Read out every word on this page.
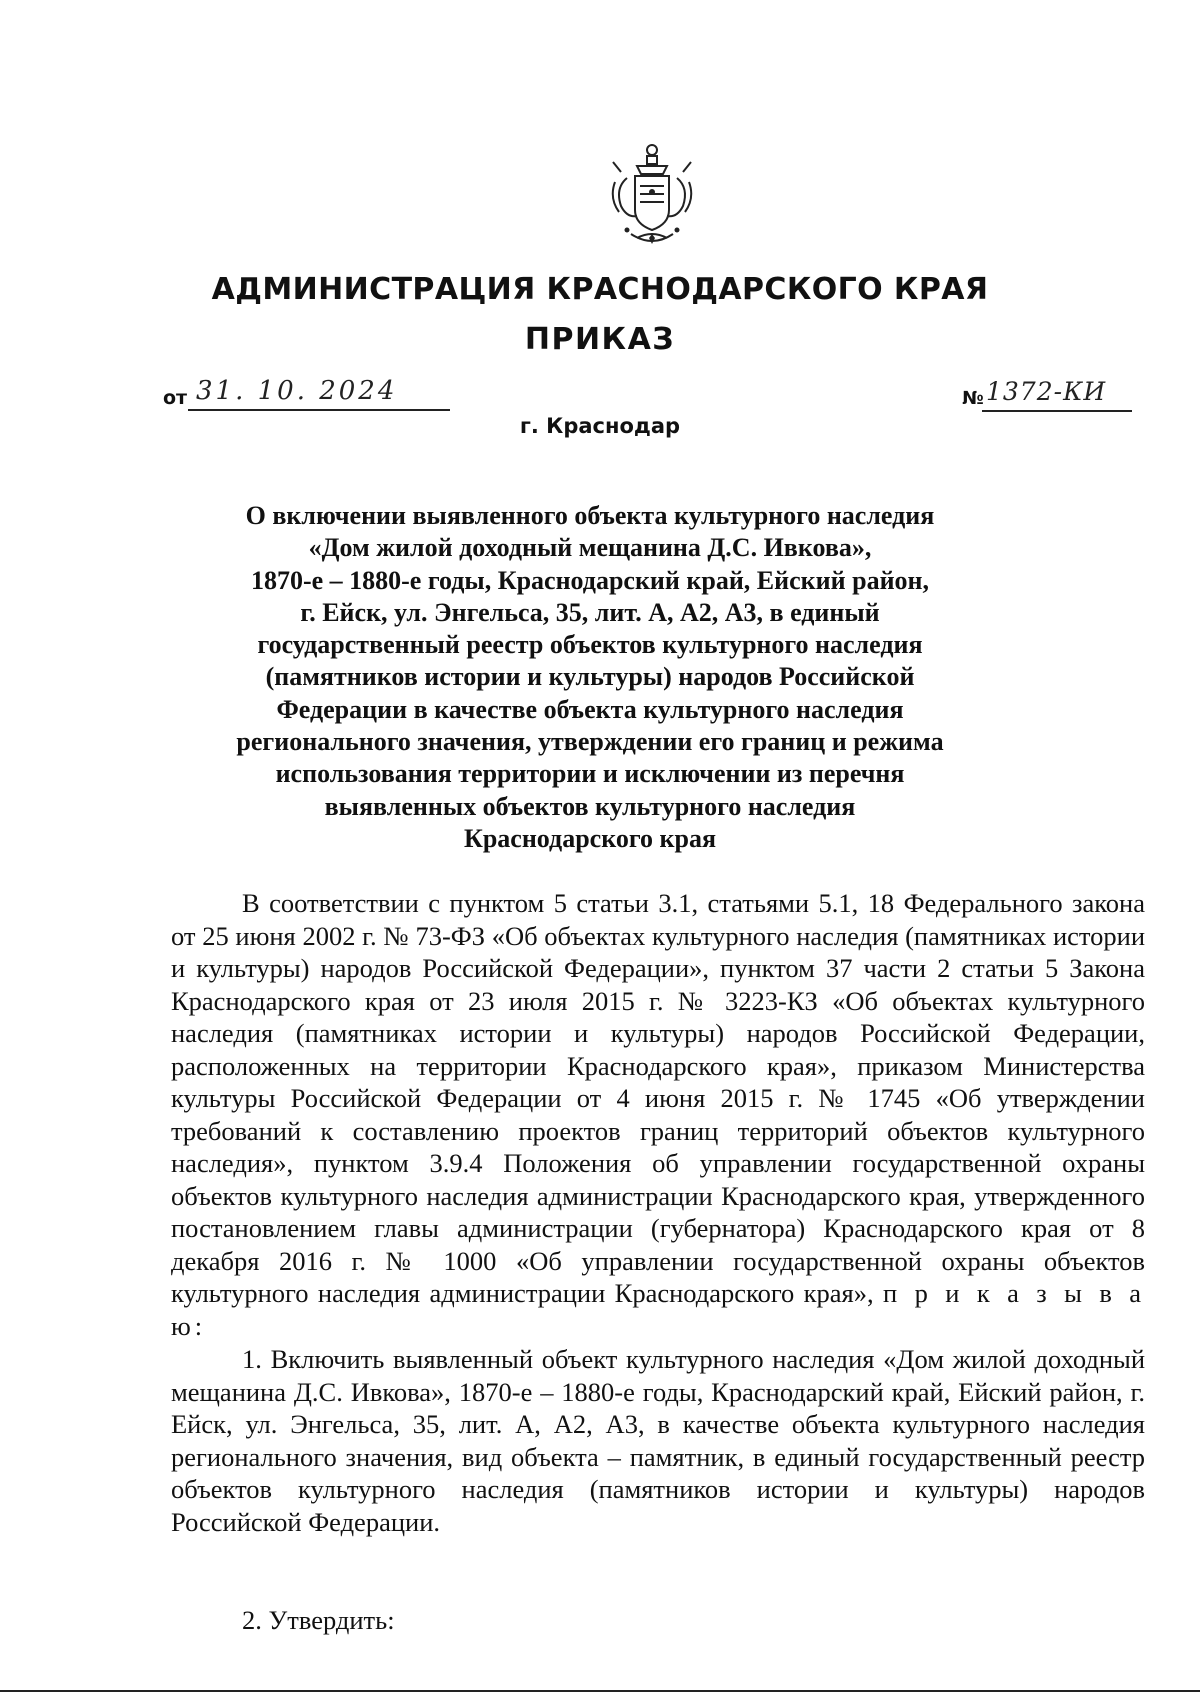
АДМИНИСТРАЦИЯ КРАСНОДАРСКОГО КРАЯ
ПРИКАЗ
от 31. 10. 2024	№ 1372-КИ
г. Краснодар
О включении выявленного объекта культурного наследия
«Дом жилой доходный мещанина Д.С. Ивкова»,
1870-е – 1880-е годы, Краснодарский край, Ейский район,
г. Ейск, ул. Энгельса, 35, лит. А, А2, А3, в единый
государственный реестр объектов культурного наследия
(памятников истории и культуры) народов Российской
Федерации в качестве объекта культурного наследия
регионального значения, утверждении его границ и режима
использования территории и исключении из перечня
выявленных объектов культурного наследия
Краснодарского края

В соответствии с пунктом 5 статьи 3.1, статьями 5.1, 18 Федерального закона от 25 июня 2002 г. № 73-ФЗ «Об объектах культурного наследия (памятниках истории и культуры) народов Российской Федерации», пунктом 37 части 2 статьи 5 Закона Краснодарского края от 23 июля 2015 г. № 3223-КЗ «Об объектах культурного наследия (памятниках истории и культуры) народов Российской Федерации, расположенных на территории Краснодарского края», приказом Министерства культуры Российской Федерации от 4 июня 2015 г. № 1745 «Об утверждении требований к составлению проектов границ территорий объектов культурного наследия», пунктом 3.9.4 Положения об управлении государственной охраны объектов культурного наследия администрации Краснодарского края, утвержденного постановлением главы администрации (губернатора) Краснодарского края от 8 декабря 2016 г. № 1000 «Об управлении государственной охраны объектов культурного наследия администрации Краснодарского края», п р и к а з ы в а ю:

1. Включить выявленный объект культурного наследия «Дом жилой доходный мещанина Д.С. Ивкова», 1870-е – 1880-е годы, Краснодарский край, Ейский район, г. Ейск, ул. Энгельса, 35, лит. А, А2, А3, в качестве объекта культурного наследия регионального значения, вид объекта – памятник, в единый государственный реестр объектов культурного наследия (памятников истории и культуры) народов Российской Федерации.

2. Утвердить:
